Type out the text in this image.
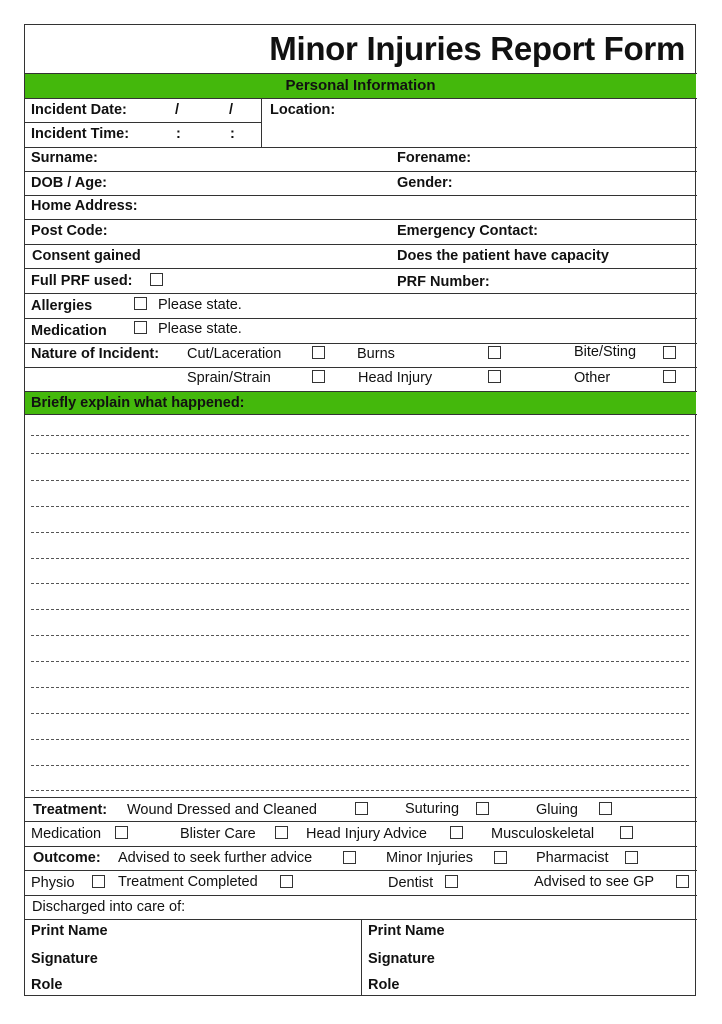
Minor Injuries Report Form
Personal Information
Incident Date:	/	/
Incident Time:	:	:
Location:
Surname:	Forename:
DOB / Age:	Gender:
Home Address:
Post Code:	Emergency Contact:
Consent gained	Does the patient have capacity
Full PRF used:	PRF Number:
Allergies	Please state.
Medication	Please state.
Nature of Incident: Cut/Laceration	Burns	Bite/Sting
Sprain/Strain	Head Injury	Other
Briefly explain what happened:
Treatment: Wound Dressed and Cleaned	Suturing	Gluing
Medication	Blister Care	Head Injury Advice	Musculoskeletal
Outcome: Advised to seek further advice	Minor Injuries	Pharmacist
Physio	Treatment Completed	Dentist	Advised to see GP
Discharged into care of:
Print Name
Signature
Role
Print Name
Signature
Role
